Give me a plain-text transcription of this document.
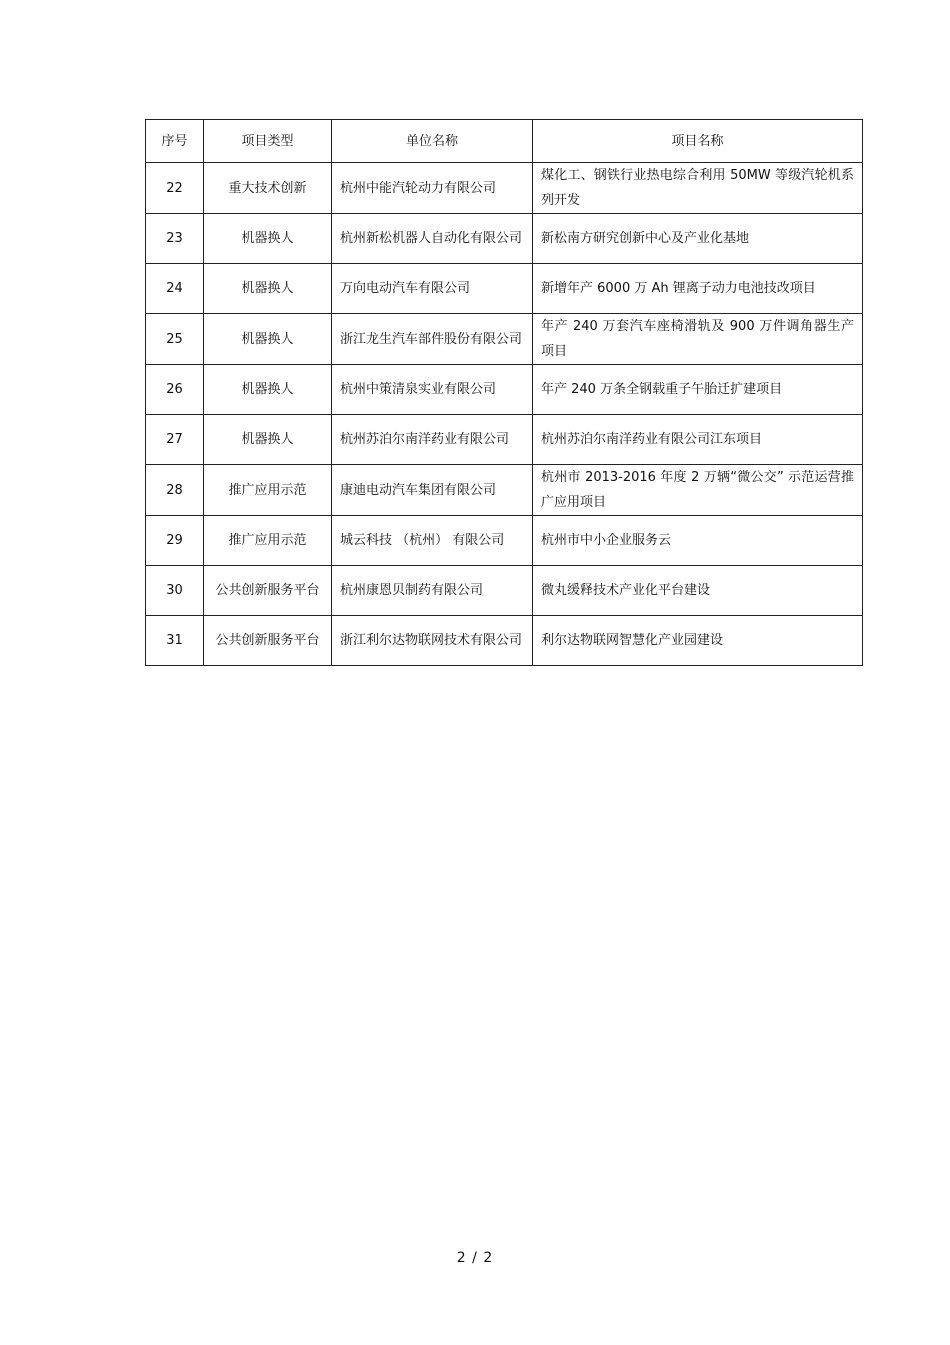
序号	项目类型	单位名称	项目名称
22	重大技术创新	杭州中能汽轮动力有限公司	煤化工、钢铁行业热电综合利用 50MW 等级汽轮机系列开发
23	机器换人	杭州新松机器人自动化有限公司	新松南方研究创新中心及产业化基地
24	机器换人	万向电动汽车有限公司	新增年产 6000 万 Ah 锂离子动力电池技改项目
25	机器换人	浙江龙生汽车部件股份有限公司	年产 240 万套汽车座椅滑轨及 900 万件调角器生产项目
26	机器换人	杭州中策清泉实业有限公司	年产 240 万条全钢载重子午胎迁扩建项目
27	机器换人	杭州苏泊尔南洋药业有限公司	杭州苏泊尔南洋药业有限公司江东项目
28	推广应用示范	康迪电动汽车集团有限公司	杭州市 2013-2016 年度 2 万辆“微公交” 示范运营推广应用项目
29	推广应用示范	城云科技 （杭州） 有限公司	杭州市中小企业服务云
30	公共创新服务平台	杭州康恩贝制药有限公司	微丸缓释技术产业化平台建设
31	公共创新服务平台	浙江利尔达物联网技术有限公司	利尔达物联网智慧化产业园建设
2 / 2
